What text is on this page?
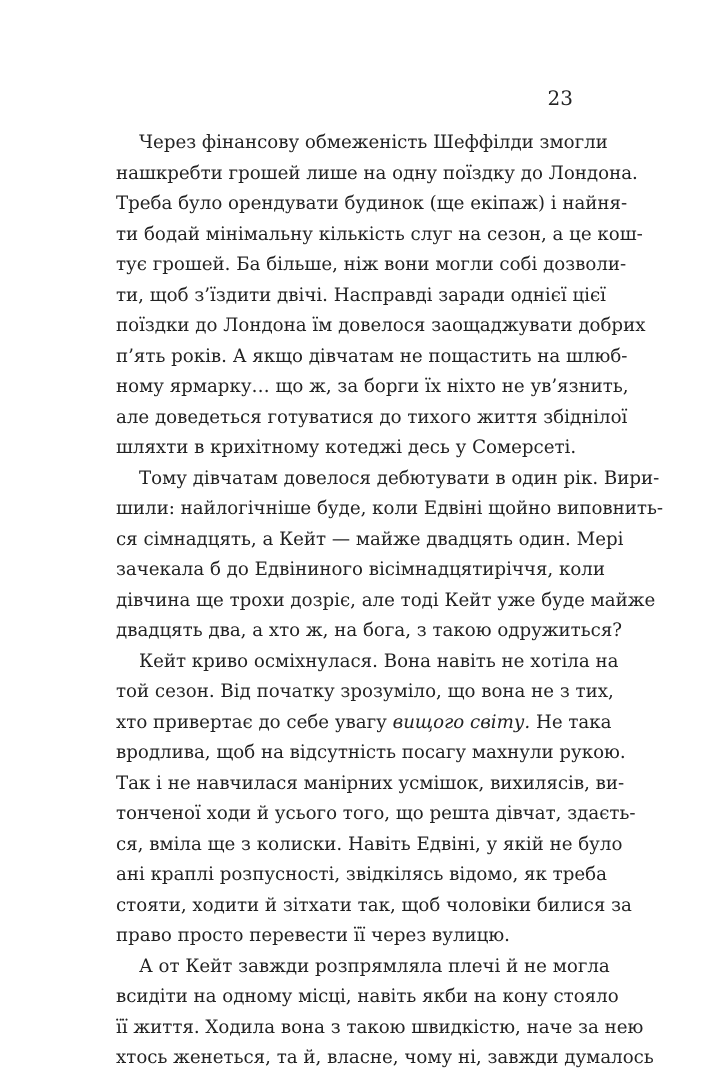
23
Через фінансову обмеженість Шеффілди змогли
нашкребти грошей лише на одну поїздку до Лондона.
Треба було орендувати будинок (ще екіпаж) і найня-
ти бодай мінімальну кількість слуг на сезон, а це кош-
тує грошей. Ба більше, ніж вони могли собі дозволи-
ти, щоб з’їздити двічі. Насправді заради однієї цієї
поїздки до Лондона їм довелося заощаджувати добрих
п’ять років. А якщо дівчатам не пощастить на шлюб-
ному ярмарку… що ж, за борги їх ніхто не ув’язнить,
але доведеться готуватися до тихого життя збіднілої
шляхти в крихітному котеджі десь у Сомерсеті.
Тому дівчатам довелося дебютувати в один рік. Вири-
шили: найлогічніше буде, коли Едвіні щойно виповнить-
ся сімнадцять, а Кейт — майже двадцять один. Мері
зачекала б до Едвіниного вісімнадцятиріччя, коли
дівчина ще трохи дозріє, але тоді Кейт уже буде майже
двадцять два, а хто ж, на бога, з такою одружиться?
Кейт криво осміхнулася. Вона навіть не хотіла на
той сезон. Від початку зрозуміло, що вона не з тих,
хто привертає до себе увагу вищого світу. Не така
вродлива, щоб на відсутність посагу махнули рукою.
Так і не навчилася манірних усмішок, вихилясів, ви-
тонченої ходи й усього того, що решта дівчат, здаєть-
ся, вміла ще з колиски. Навіть Едвіні, у якій не було
ані краплі розпусності, звідкілясь відомо, як треба
стояти, ходити й зітхати так, щоб чоловіки билися за
право просто перевести її через вулицю.
А от Кейт завжди розпрямляла плечі й не могла
всидіти на одному місці, навіть якби на кону стояло
її життя. Ходила вона з такою швидкістю, наче за нею
хтось женеться, та й, власне, чому ні, завжди думалось
